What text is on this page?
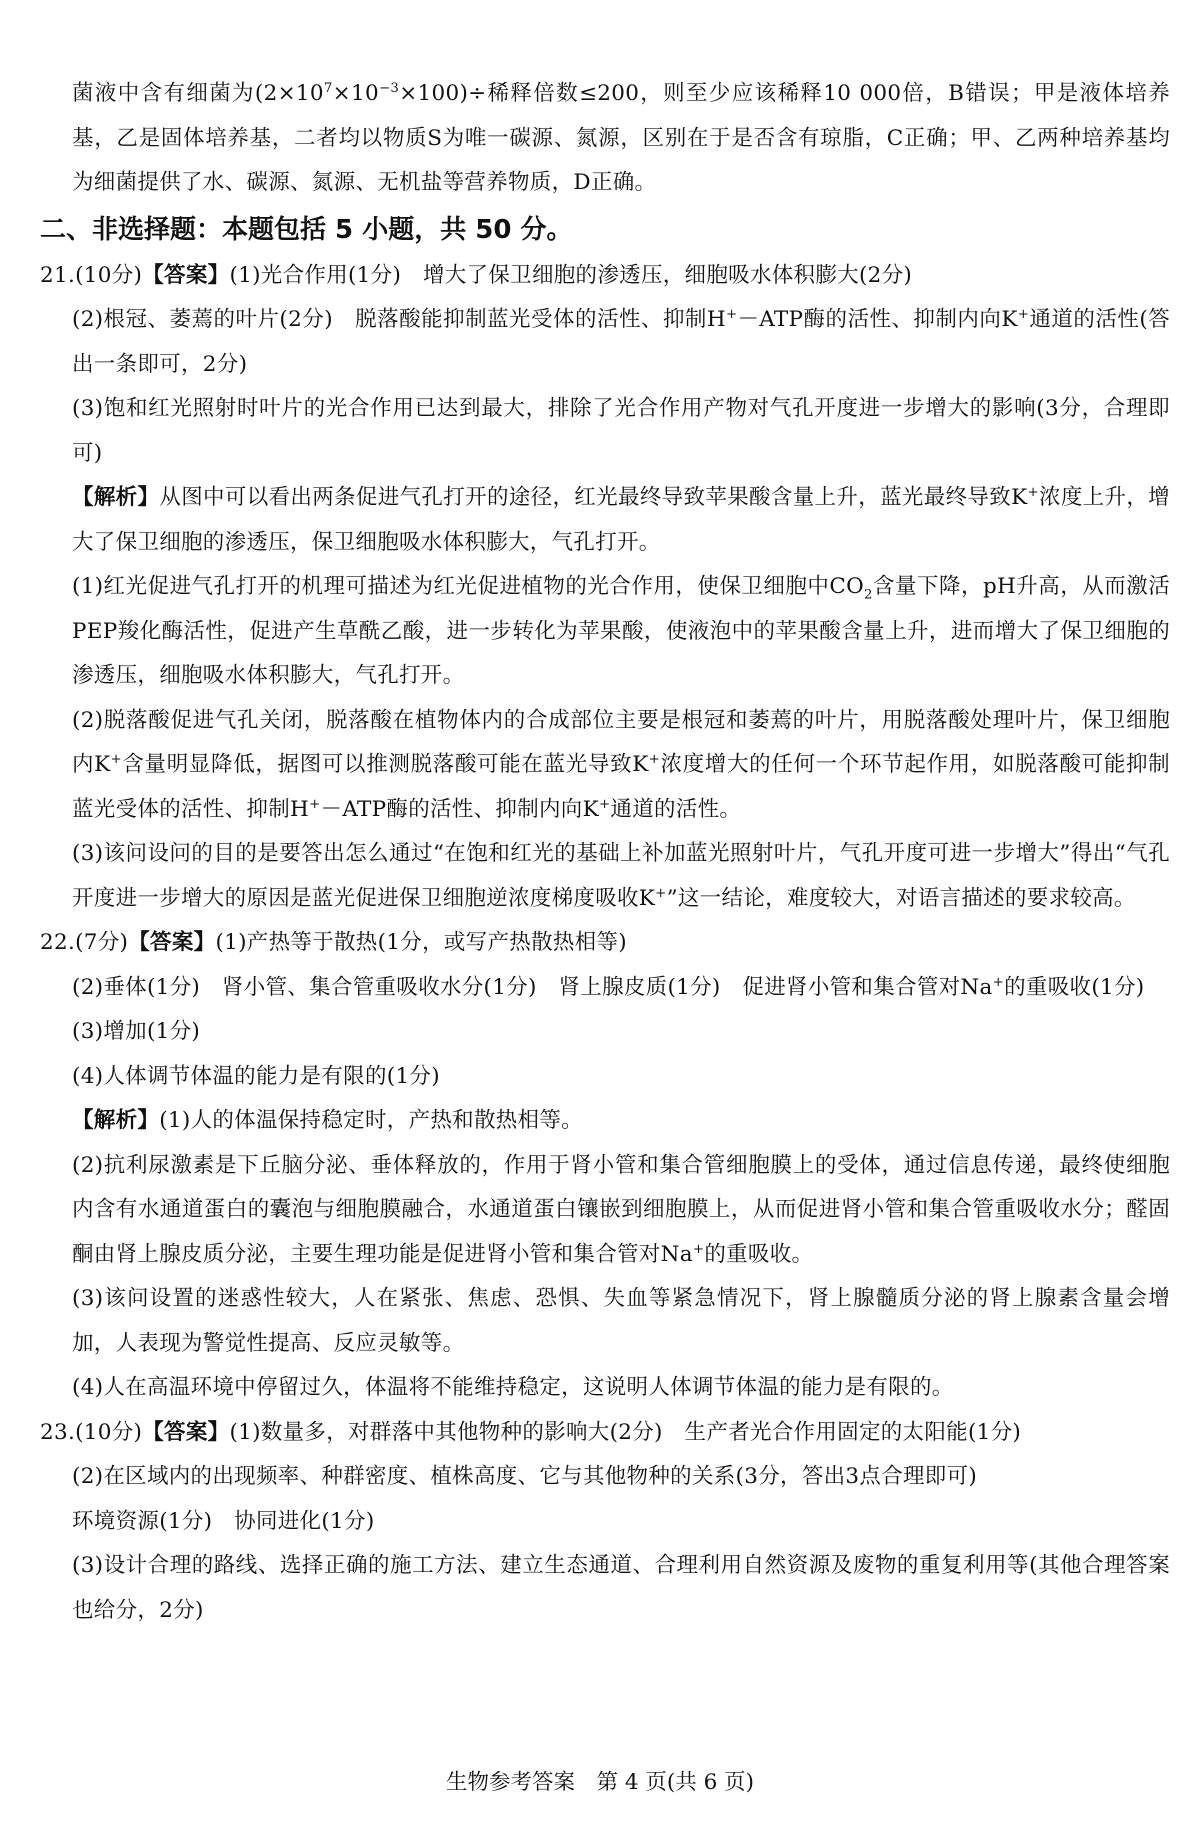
菌液中含有细菌为$(2\times 10^7\times 10^{-3}\times 100)\div$稀释倍数≤200，则至少应该稀释10 000倍，B错误；甲是液体培养基，乙是固体培养基，二者均以物质S为唯一碳源、氮源，区别在于是否含有琼脂，C正确；甲、乙两种培养基均为细菌提供了水、碳源、氮源、无机盐等营养物质，D正确。

二、非选择题：本题包括 5 小题，共 50 分。

21.(10分)【答案】(1)光合作用(1分)　增大了保卫细胞的渗透压，细胞吸水体积膨大(2分)

(2)根冠、萎蔫的叶片(2分)　脱落酸能抑制蓝光受体的活性、抑制H+－ATP酶的活性、抑制内向K+通道的活性(答出一条即可，2分)

(3)饱和红光照射时叶片的光合作用已达到最大，排除了光合作用产物对气孔开度进一步增大的影响(3分，合理即可)

【解析】从图中可以看出两条促进气孔打开的途径，红光最终导致苹果酸含量上升，蓝光最终导致K+浓度上升，增大了保卫细胞的渗透压，保卫细胞吸水体积膨大，气孔打开。

(1)红光促进气孔打开的机理可描述为红光促进植物的光合作用，使保卫细胞中$CO_2$含量下降，pH升高，从而激活PEP羧化酶活性，促进产生草酰乙酸，进一步转化为苹果酸，使液泡中的苹果酸含量上升，进而增大了保卫细胞的渗透压，细胞吸水体积膨大，气孔打开。

(2)脱落酸促进气孔关闭，脱落酸在植物体内的合成部位主要是根冠和萎蔫的叶片，用脱落酸处理叶片，保卫细胞内K+含量明显降低，据图可以推测脱落酸可能在蓝光导致K+浓度增大的任何一个环节起作用，如脱落酸可能抑制蓝光受体的活性、抑制H+－ATP酶的活性、抑制内向K+通道的活性。

(3)该问设问的目的是要答出怎么通过“在饱和红光的基础上补加蓝光照射叶片，气孔开度可进一步增大”得出“气孔开度进一步增大的原因是蓝光促进保卫细胞逆浓度梯度吸收K+”这一结论，难度较大，对语言描述的要求较高。

22.(7分)【答案】(1)产热等于散热(1分，或写产热散热相等)

(2)垂体(1分)　肾小管、集合管重吸收水分(1分)　肾上腺皮质(1分)　促进肾小管和集合管对Na+的重吸收(1分)

(3)增加(1分)

(4)人体调节体温的能力是有限的(1分)

【解析】(1)人的体温保持稳定时，产热和散热相等。

(2)抗利尿激素是下丘脑分泌、垂体释放的，作用于肾小管和集合管细胞膜上的受体，通过信息传递，最终使细胞内含有水通道蛋白的囊泡与细胞膜融合，水通道蛋白镶嵌到细胞膜上，从而促进肾小管和集合管重吸收水分；醛固酮由肾上腺皮质分泌，主要生理功能是促进肾小管和集合管对Na+的重吸收。

(3)该问设置的迷惑性较大，人在紧张、焦虑、恐惧、失血等紧急情况下，肾上腺髓质分泌的肾上腺素含量会增加，人表现为警觉性提高、反应灵敏等。

(4)人在高温环境中停留过久，体温将不能维持稳定，这说明人体调节体温的能力是有限的。

23.(10分)【答案】(1)数量多，对群落中其他物种的影响大(2分)　生产者光合作用固定的太阳能(1分)

(2)在区域内的出现频率、种群密度、植株高度、它与其他物种的关系(3分，答出3点合理即可)

环境资源(1分)　协同进化(1分)

(3)设计合理的路线、选择正确的施工方法、建立生态通道、合理利用自然资源及废物的重复利用等(其他合理答案也给分，2分)

生物参考答案　第 4 页(共 6 页)
